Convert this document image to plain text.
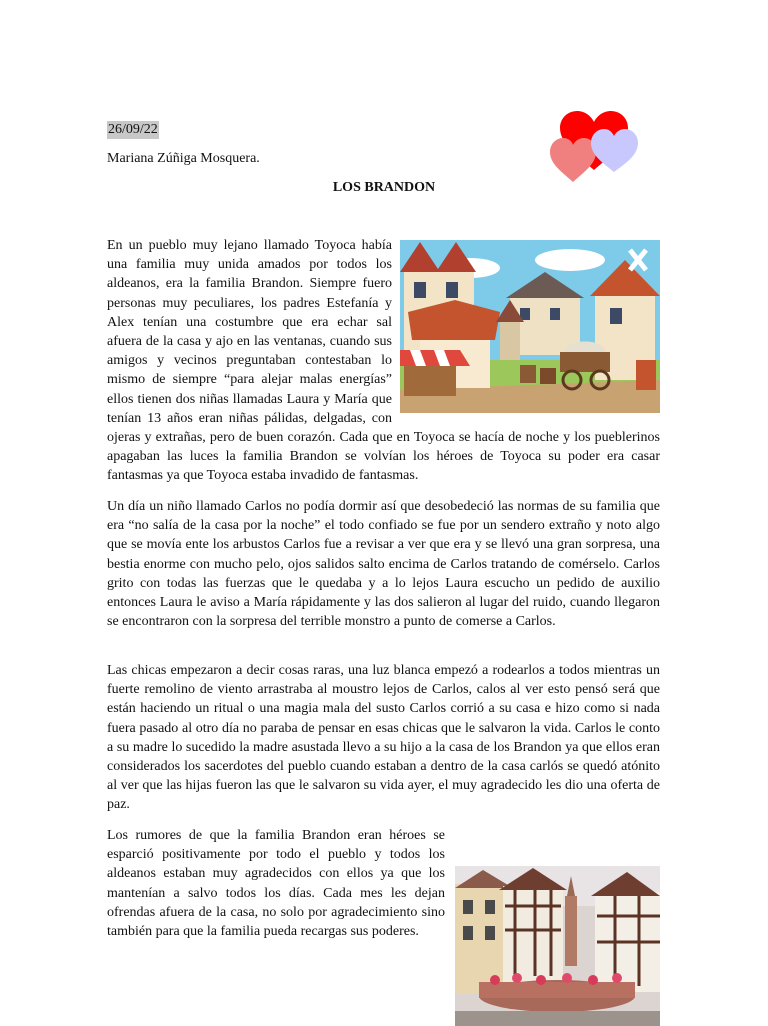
26/09/22
Mariana Zúñiga Mosquera.
LOS BRANDON

En un pueblo muy lejano llamado Toyoca había una familia muy unida amados por todos los aldeanos, era la familia Brandon. Siempre fuero personas muy peculiares, los padres Estefanía y Alex tenían una costumbre que era echar sal afuera de la casa y ajo en las ventanas, cuando sus amigos y vecinos preguntaban contestaban lo mismo de siempre “para alejar malas energías” ellos tienen dos niñas llamadas Laura y María que tenían 13 años eran niñas pálidas, delgadas, con ojeras y extrañas, pero de buen corazón. Cada que en Toyoca se hacía de noche y los pueblerinos apagaban las luces la familia Brandon se volvían los héroes de Toyoca su poder era casar fantasmas ya que Toyoca estaba invadido de fantasmas.

Un día un niño llamado Carlos no podía dormir así que desobedeció las normas de su familia que era “no salía de la casa por la noche” el todo confiado se fue por un sendero extraño y noto algo que se movía ente los arbustos Carlos fue a revisar a ver que era y se llevó una gran sorpresa, una bestia enorme con mucho pelo, ojos salidos salto encima de Carlos tratando de comérselo. Carlos grito con todas las fuerzas que le quedaba y a lo lejos Laura escucho un pedido de auxilio entonces Laura le aviso a María rápidamente y las dos salieron al lugar del ruido, cuando llegaron se encontraron con la sorpresa del terrible monstro a punto de comerse a Carlos.

Las chicas empezaron a decir cosas raras, una luz blanca empezó a rodearlos a todos mientras un fuerte remolino de viento arrastraba al moustro lejos de Carlos, calos al ver esto pensó será que están haciendo un ritual o una magia mala del susto Carlos corrió a su casa e hizo como si nada fuera pasado al otro día no paraba de pensar en esas chicas que le salvaron la vida. Carlos le conto a su madre lo sucedido la madre asustada llevo a su hijo a la casa de los Brandon ya que ellos eran considerados los sacerdotes del pueblo cuando estaban a dentro de la casa carlós se quedó atónito al ver que las hijas fueron las que le salvaron su vida ayer, el muy agradecido les dio una oferta de paz.

Los rumores de que la familia Brandon eran héroes se esparció positivamente por todo el pueblo y todos los aldeanos estaban muy agradecidos con ellos ya que los mantenían a salvo todos los días. Cada mes les dejan ofrendas afuera de la casa, no solo por agradecimiento sino también para que la familia pueda recargas sus poderes.
